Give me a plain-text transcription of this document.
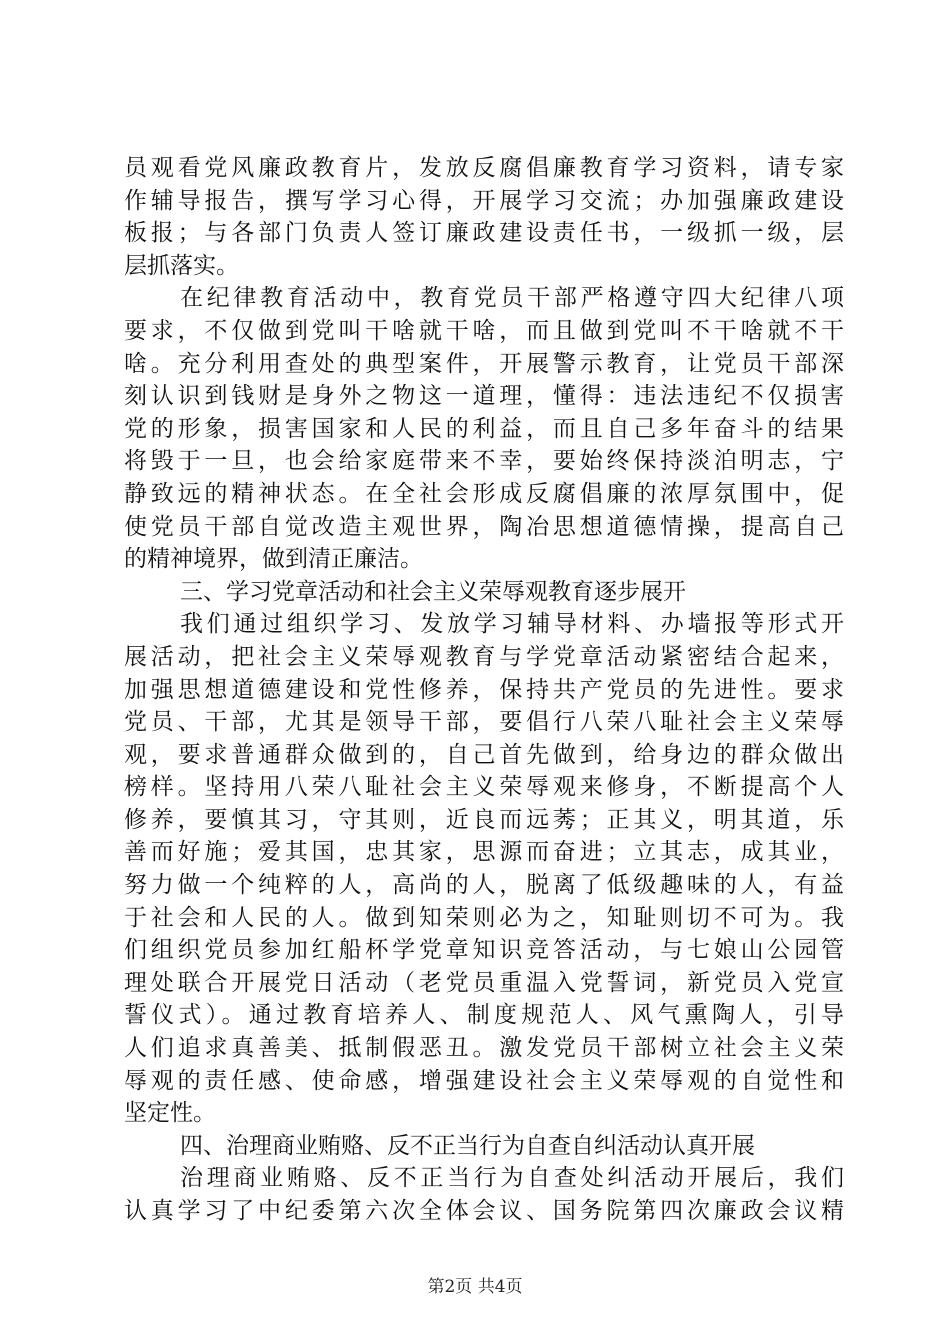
员观看党风廉政教育片，发放反腐倡廉教育学习资料，请专家
作辅导报告，撰写学习心得，开展学习交流；办加强廉政建设
板报；与各部门负责人签订廉政建设责任书，一级抓一级，层
层抓落实。
在纪律教育活动中，教育党员干部严格遵守四大纪律八项
要求，不仅做到党叫干啥就干啥，而且做到党叫不干啥就不干
啥。充分利用查处的典型案件，开展警示教育，让党员干部深
刻认识到钱财是身外之物这一道理，懂得：违法违纪不仅损害
党的形象，损害国家和人民的利益，而且自己多年奋斗的结果
将毁于一旦，也会给家庭带来不幸，要始终保持淡泊明志，宁
静致远的精神状态。在全社会形成反腐倡廉的浓厚氛围中，促
使党员干部自觉改造主观世界，陶冶思想道德情操，提高自己
的精神境界，做到清正廉洁。
三、学习党章活动和社会主义荣辱观教育逐步展开
我们通过组织学习、发放学习辅导材料、办墙报等形式开
展活动，把社会主义荣辱观教育与学党章活动紧密结合起来，
加强思想道德建设和党性修养，保持共产党员的先进性。要求
党员、干部，尤其是领导干部，要倡行八荣八耻社会主义荣辱
观，要求普通群众做到的，自己首先做到，给身边的群众做出
榜样。坚持用八荣八耻社会主义荣辱观来修身，不断提高个人
修养，要慎其习，守其则，近良而远莠；正其义，明其道，乐
善而好施；爱其国，忠其家，思源而奋进；立其志，成其业，
努力做一个纯粹的人，高尚的人，脱离了低级趣味的人，有益
于社会和人民的人。做到知荣则必为之，知耻则切不可为。我
们组织党员参加红船杯学党章知识竞答活动，与七娘山公园管
理处联合开展党日活动（老党员重温入党誓词，新党员入党宣
誓仪式）。通过教育培养人、制度规范人、风气熏陶人，引导
人们追求真善美、抵制假恶丑。激发党员干部树立社会主义荣
辱观的责任感、使命感，增强建设社会主义荣辱观的自觉性和
坚定性。
四、治理商业贿赂、反不正当行为自查自纠活动认真开展
治理商业贿赂、反不正当行为自查处纠活动开展后，我们
认真学习了中纪委第六次全体会议、国务院第四次廉政会议精
第2页 共4页
